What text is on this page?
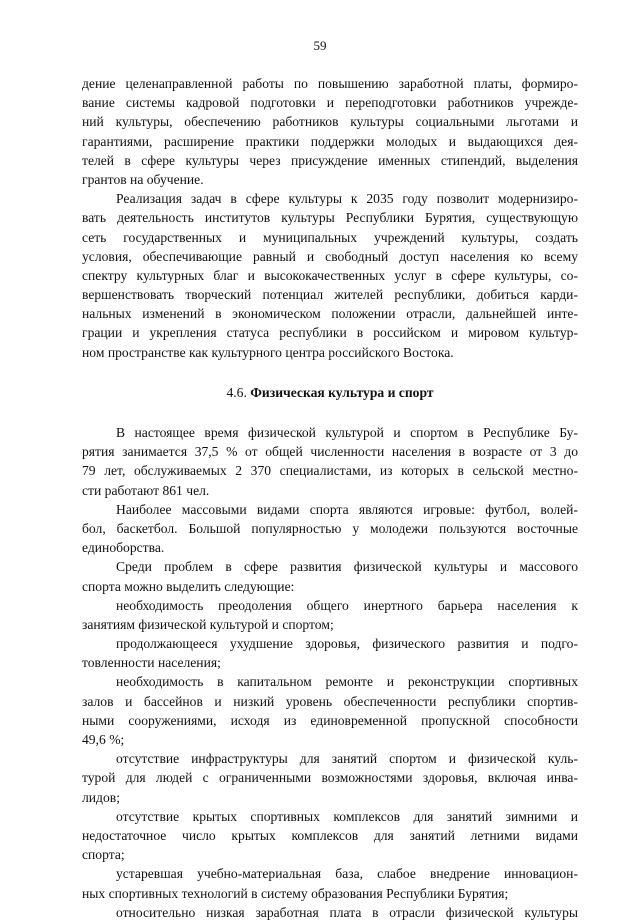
59
дение целенаправленной работы по повышению заработной платы, формиро-
вание системы кадровой подготовки и переподготовки работников учрежде-
ний культуры, обеспечению работников культуры социальными льготами и
гарантиями, расширение практики поддержки молодых и выдающихся дея-
телей в сфере культуры через присуждение именных стипендий, выделения
грантов на обучение.
Реализация задач в сфере культуры к 2035 году позволит модернизиро-
вать деятельность институтов культуры Республики Бурятия, существующую
сеть государственных и муниципальных учреждений культуры, создать
условия, обеспечивающие равный и свободный доступ населения ко всему
спектру культурных благ и высококачественных услуг в сфере культуры, со-
вершенствовать творческий потенциал жителей республики, добиться карди-
нальных изменений в экономическом положении отрасли, дальнейшей инте-
грации и укрепления статуса республики в российском и мировом культур-
ном пространстве как культурного центра российского Востока.
4.6. Физическая культура и спорт
В настоящее время физической культурой и спортом в Республике Бу-
рятия занимается 37,5 % от общей численности населения в возрасте от 3 до
79 лет, обслуживаемых 2 370 специалистами, из которых в сельской местно-
сти работают 861 чел.
Наиболее массовыми видами спорта являются игровые: футбол, волей-
бол, баскетбол. Большой популярностью у молодежи пользуются восточные
единоборства.
Среди проблем в сфере развития физической культуры и массового
спорта можно выделить следующие:
необходимость преодоления общего инертного барьера населения к
занятиям физической культурой и спортом;
продолжающееся ухудшение здоровья, физического развития и подго-
товленности населения;
необходимость в капитальном ремонте и реконструкции спортивных
залов и бассейнов и низкий уровень обеспеченности республики спортив-
ными сооружениями, исходя из единовременной пропускной способности
49,6 %;
отсутствие инфраструктуры для занятий спортом и физической куль-
турой для людей с ограниченными возможностями здоровья, включая инва-
лидов;
отсутствие крытых спортивных комплексов для занятий зимними и
недостаточное число крытых комплексов для занятий летними видами
спорта;
устаревшая учебно-материальная база, слабое внедрение инновацион-
ных спортивных технологий в систему образования Республики Бурятия;
относительно низкая заработная плата в отрасли физической культуры
